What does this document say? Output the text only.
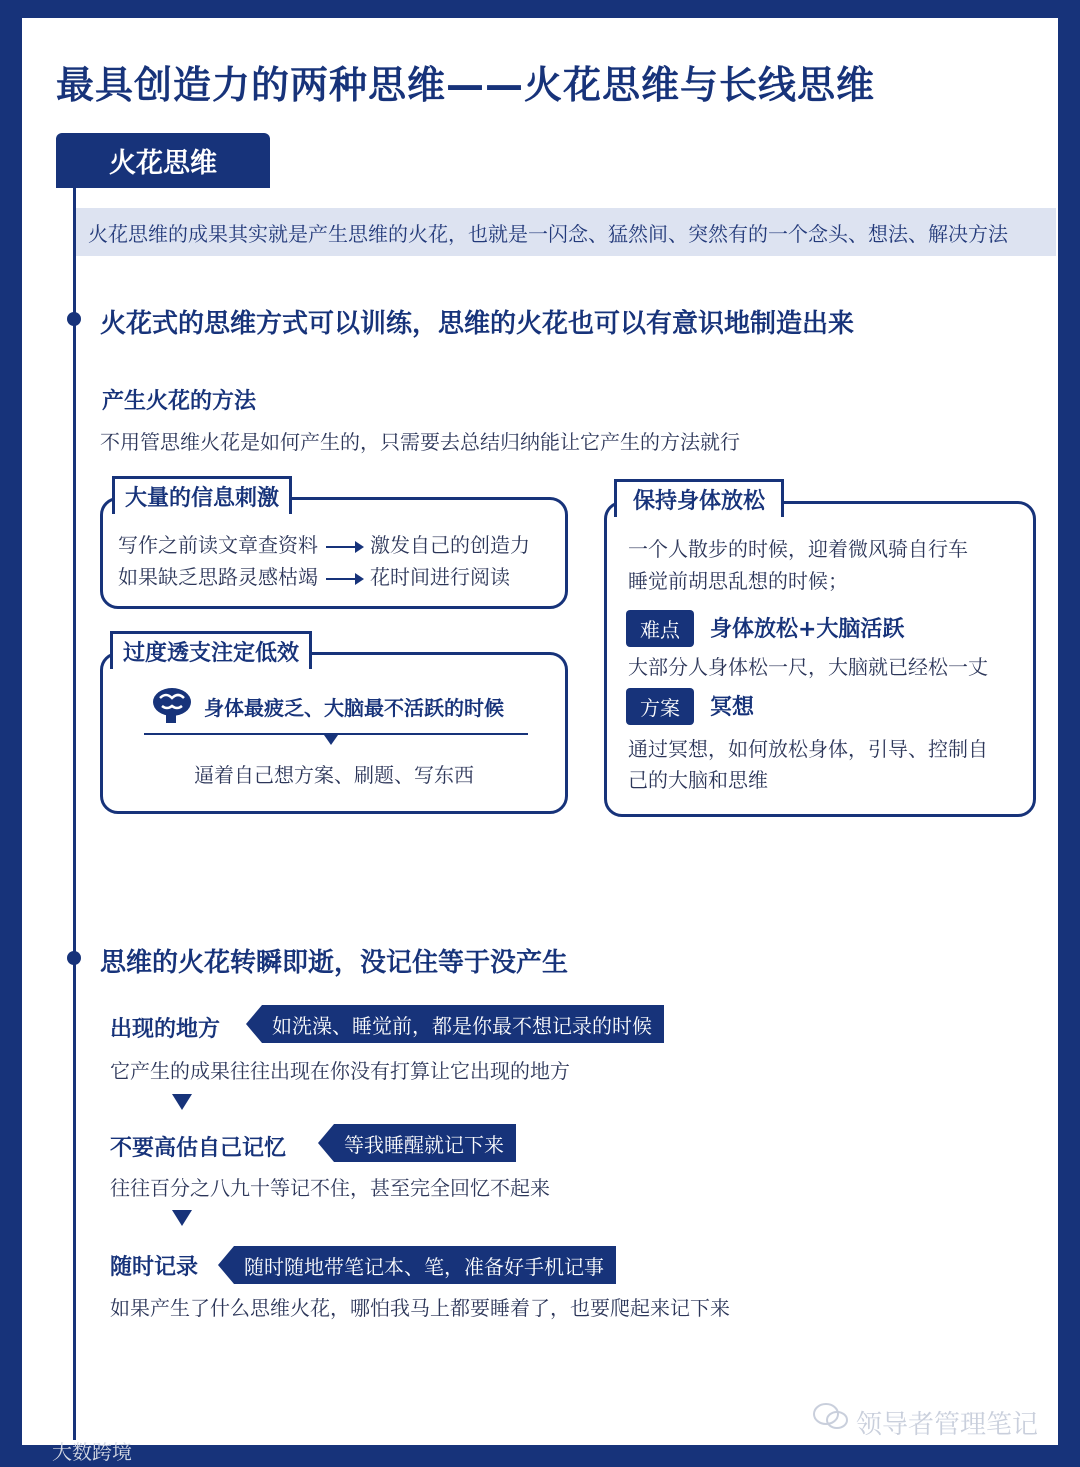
最具创造力的两种思维——火花思维与长线思维
火花思维
火花思维的成果其实就是产生思维的火花，也就是一闪念、猛然间、突然有的一个念头、想法、解决方法
火花式的思维方式可以训练，思维的火花也可以有意识地制造出来
产生火花的方法
不用管思维火花是如何产生的，只需要去总结归纳能让它产生的方法就行
大量的信息刺激
写作之前读文章查资料	激发自己的创造力
如果缺乏思路灵感枯竭	花时间进行阅读
过度透支注定低效
身体最疲乏、大脑最不活跃的时候
逼着自己想方案、刷题、写东西
保持身体放松
一个人散步的时候，迎着微风骑自行车
睡觉前胡思乱想的时候；
难点	身体放松+大脑活跃
大部分人身体松一尺，大脑就已经松一丈
方案	冥想
通过冥想，如何放松身体，引导、控制自
己的大脑和思维
思维的火花转瞬即逝，没记住等于没产生
出现的地方	如洗澡、睡觉前，都是你最不想记录的时候
它产生的成果往往出现在你没有打算让它出现的地方
不要高估自己记忆	等我睡醒就记下来
往往百分之八九十等记不住，甚至完全回忆不起来
随时记录	随时随地带笔记本、笔，准备好手机记事
如果产生了什么思维火花，哪怕我马上都要睡着了，也要爬起来记下来
领导者管理笔记
大数跨境
